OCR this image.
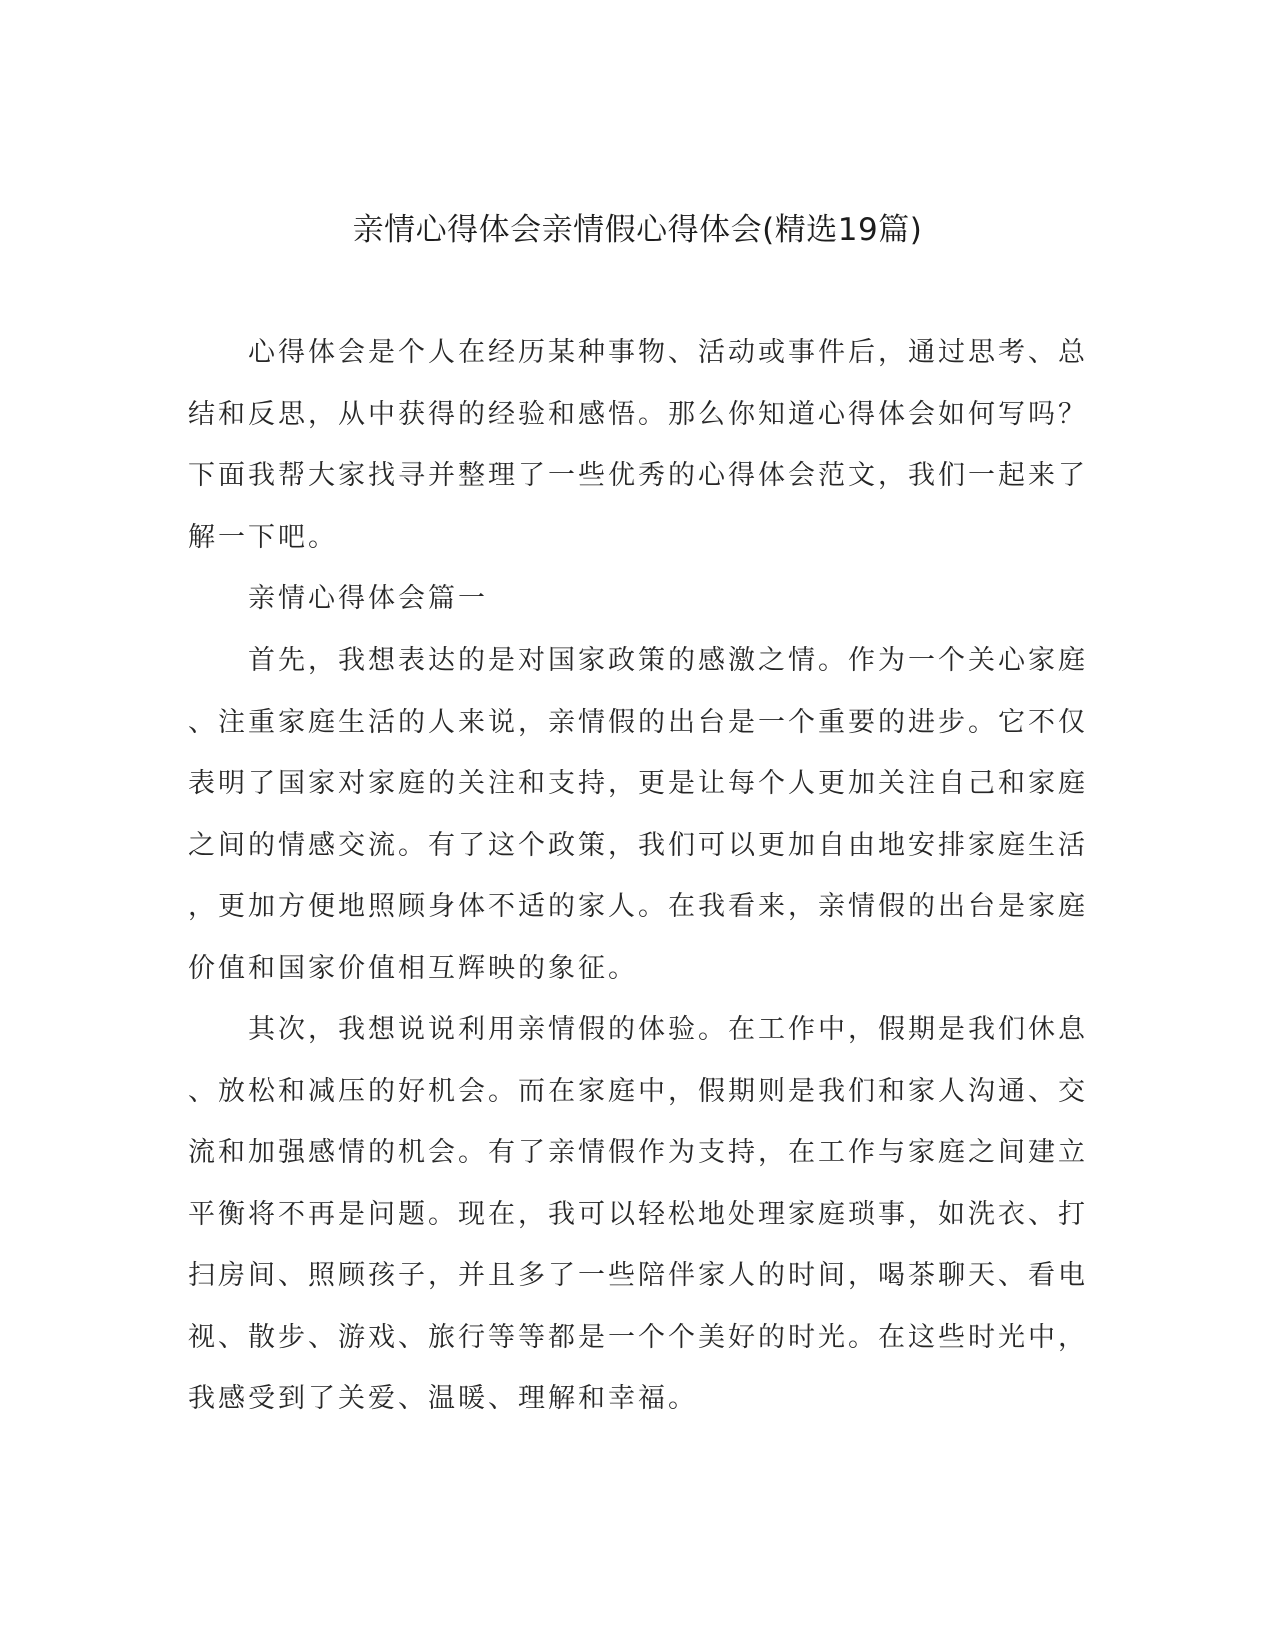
亲情心得体会亲情假心得体会(精选19篇)

　　心得体会是个人在经历某种事物、活动或事件后，通过思考、总
结和反思，从中获得的经验和感悟。那么你知道心得体会如何写吗？
下面我帮大家找寻并整理了一些优秀的心得体会范文，我们一起来了
解一下吧。

　　亲情心得体会篇一

　　首先，我想表达的是对国家政策的感激之情。作为一个关心家庭
、注重家庭生活的人来说，亲情假的出台是一个重要的进步。它不仅
表明了国家对家庭的关注和支持，更是让每个人更加关注自己和家庭
之间的情感交流。有了这个政策，我们可以更加自由地安排家庭生活
，更加方便地照顾身体不适的家人。在我看来，亲情假的出台是家庭
价值和国家价值相互辉映的象征。

　　其次，我想说说利用亲情假的体验。在工作中，假期是我们休息
、放松和减压的好机会。而在家庭中，假期则是我们和家人沟通、交
流和加强感情的机会。有了亲情假作为支持，在工作与家庭之间建立
平衡将不再是问题。现在，我可以轻松地处理家庭琐事，如洗衣、打
扫房间、照顾孩子，并且多了一些陪伴家人的时间，喝茶聊天、看电
视、散步、游戏、旅行等等都是一个个美好的时光。在这些时光中，
我感受到了关爱、温暖、理解和幸福。
